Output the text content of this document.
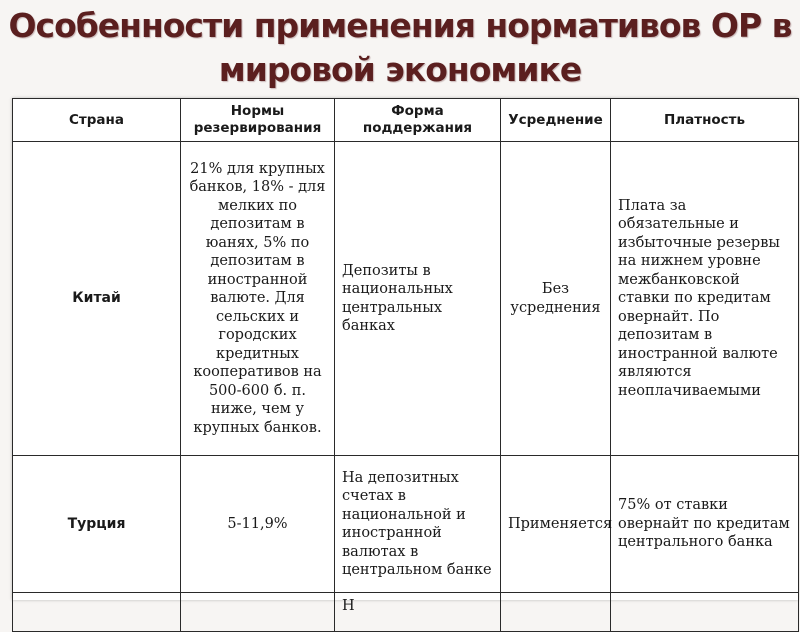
Особенности применения нормативов ОР в
мировой экономике
Страна	Нормы резервирования	Форма поддержания	Усреднение	Платность
Китай	21% для крупных банков, 18% - для мелких по депозитам в юанях, 5% по депозитам в иностранной валюте. Для сельских и городских кредитных кооперативов на 500-600 б. п. ниже, чем у крупных банков.	Депозиты в национальных центральных банках	Без усреднения	Плата за обязательные и избыточные резервы на нижнем уровне межбанковской ставки по кредитам овернайт. По депозитам в иностранной валюте являются неоплачиваемыми
Турция	5-11,9%	На депозитных счетах в национальной и иностранной валютах в центральном банке	Применяется	75% от ставки овернайт по кредитам центрального банка
		Н		
